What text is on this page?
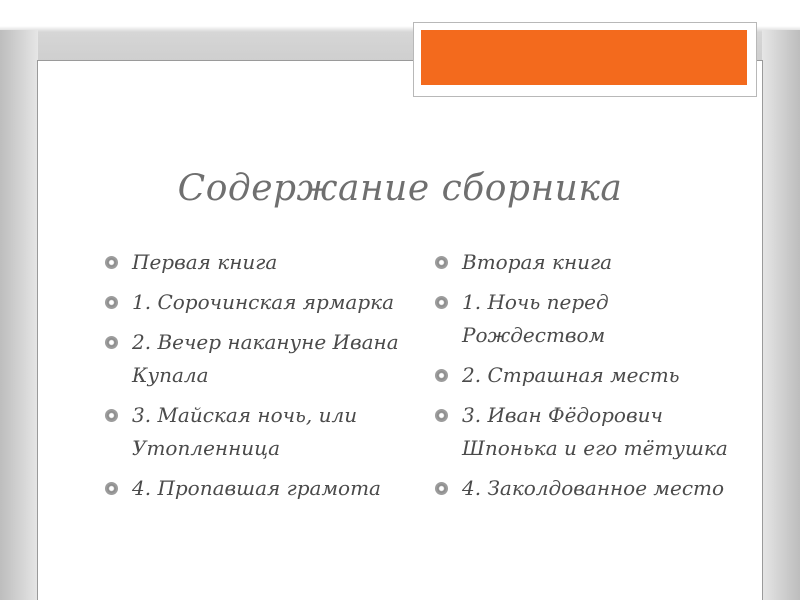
Содержание сборника
Первая книга
1. Сорочинская ярмарка
2. Вечер накануне Ивана Купала
3. Майская ночь, или Утопленница
4. Пропавшая грамота
Вторая книга
1. Ночь перед Рождеством
2. Страшная месть
3. Иван Фёдорович Шпонька и его тётушка
4. Заколдованное место
